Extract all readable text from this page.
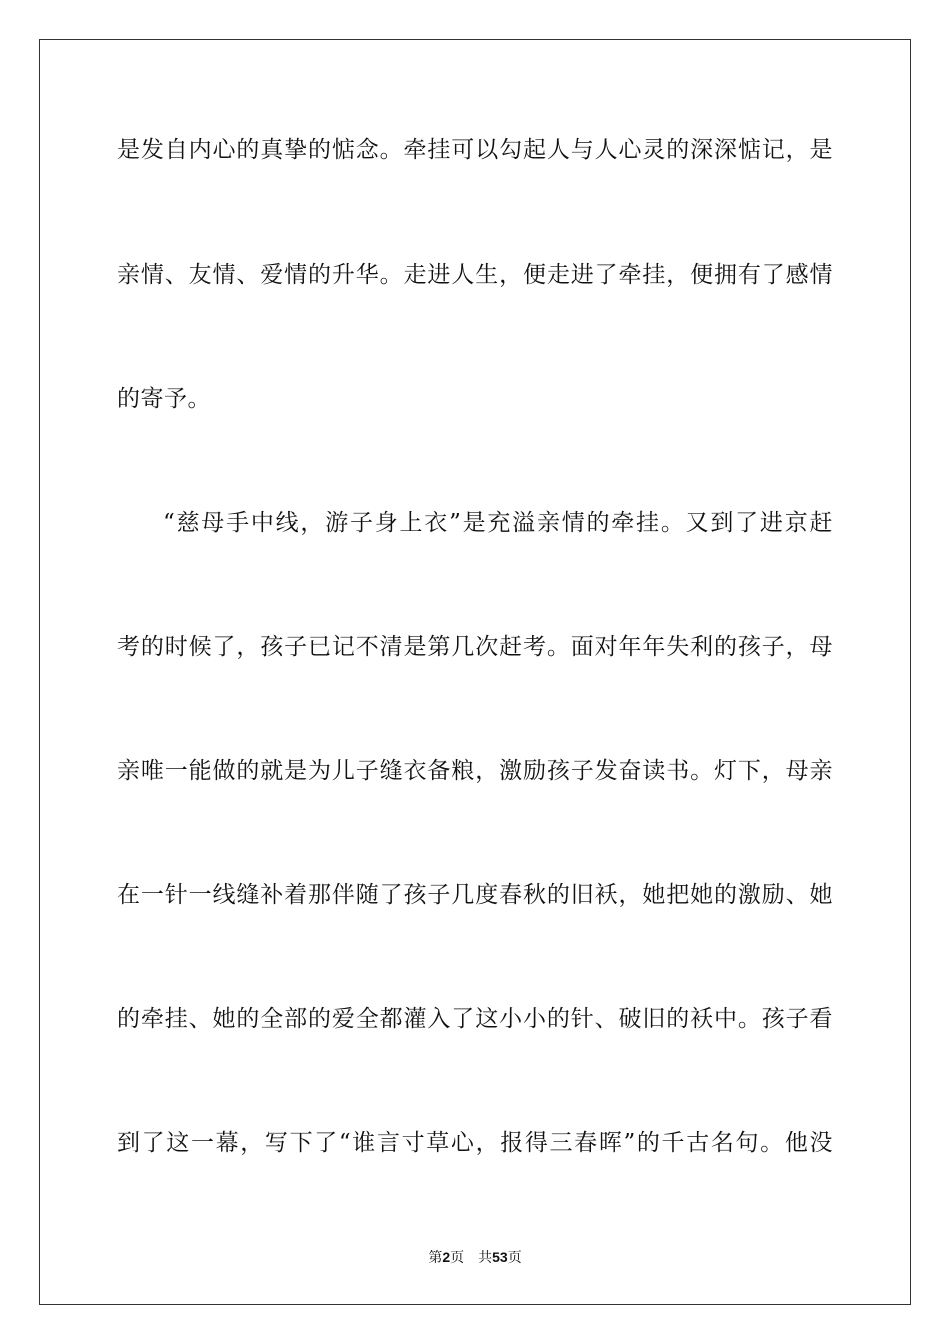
是发自内心的真挚的惦念。牵挂可以勾起人与人心灵的深深惦记，是
亲情、友情、爱情的升华。走进人生，便走进了牵挂，便拥有了感情
的寄予。
“慈母手中线，游子身上衣”是充溢亲情的牵挂。又到了进京赶
考的时候了，孩子已记不清是第几次赶考。面对年年失利的孩子，母
亲唯一能做的就是为儿子缝衣备粮，激励孩子发奋读书。灯下，母亲
在一针一线缝补着那伴随了孩子几度春秋的旧袄，她把她的激励、她
的牵挂、她的全部的爱全都灌入了这小小的针、破旧的袄中。孩子看
到了这一幕，写下了“谁言寸草心，报得三春晖”的千古名句。他没
第2页 共53页
